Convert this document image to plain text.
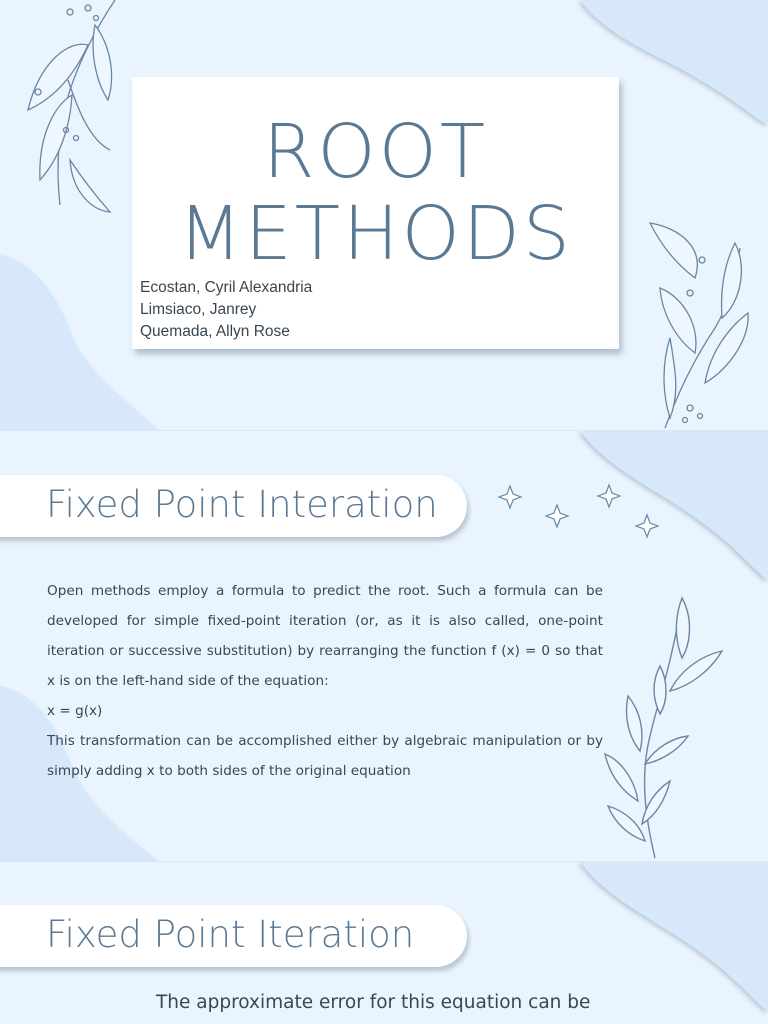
ROOT
METHODS
Ecostan, Cyril Alexandria
Limsiaco, Janrey
Quemada, Allyn Rose
Fixed Point Interation

Open methods employ a formula to predict the root. Such a formula can be developed for simple fixed-point iteration (or, as it is also called, one-point iteration or successive substitution) by rearranging the function f (x) = 0 so that x is on the left-hand side of the equation:

x = g(x)

This transformation can be accomplished either by algebraic manipulation or by simply adding x to both sides of the original equation

Fixed Point Iteration
The approximate error for this equation can be
